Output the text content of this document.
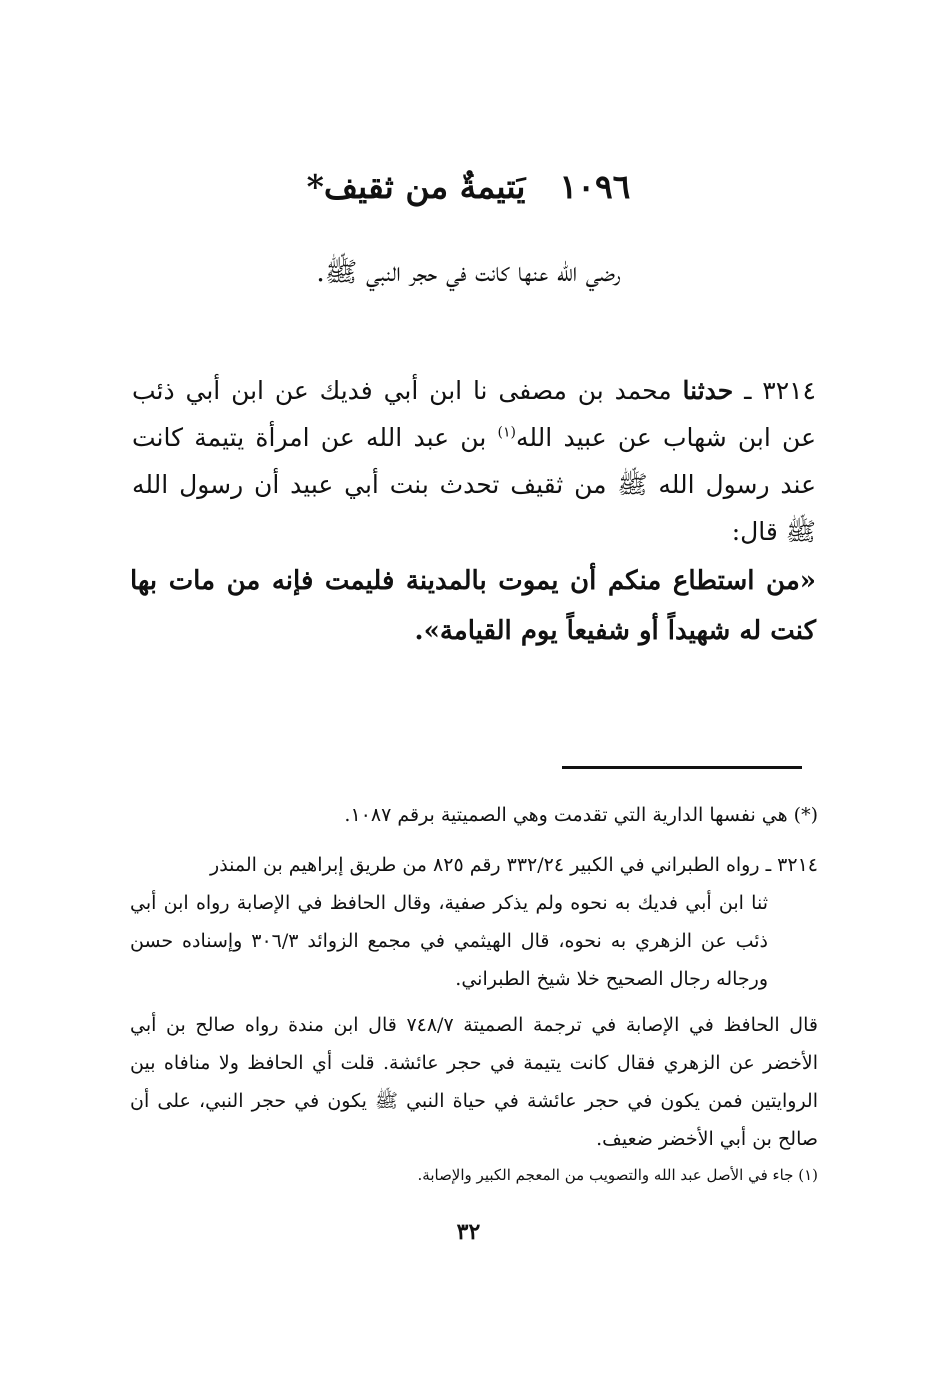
١٠٩٦يَتيمةٌ من ثقيف*
رضي الله عنها كانت في حجر النبي ﷺ.

٣٢١٤ ـ حدثنا محمد بن مصفى نا ابن أبي فديك عن ابن أبي ذئب عن ابن شهاب عن عبيد الله$^{(١)}$ بن عبد الله عن امرأة يتيمة كانت عند رسول الله ﷺ من ثقيف تحدث بنت أبي عبيد أن رسول الله ﷺ قال:

«من استطاع منكم أن يموت بالمدينة فليمت فإنه من مات بها كنت له شهيداً أو شفيعاً يوم القيامة».

(*) هي نفسها الدارية التي تقدمت وهي الصميتية برقم ١٠٨٧.

٣٢١٤ ـ رواه الطبراني في الكبير ٣٣٢/٢٤ رقم ٨٢٥ من طريق إبراهيم بن المنذر

ثنا ابن أبي فديك به نحوه ولم يذكر صفية، وقال الحافظ في الإصابة رواه ابن أبي ذئب عن الزهري به نحوه، قال الهيثمي في مجمع الزوائد ٣٠٦/٣ وإسناده حسن ورجاله رجال الصحيح خلا شيخ الطبراني.

قال الحافظ في الإصابة في ترجمة الصميتة ٧٤٨/٧ قال ابن مندة رواه صالح بن أبي الأخضر عن الزهري فقال كانت يتيمة في حجر عائشة. قلت أي الحافظ ولا منافاه بين الروايتين فمن يكون في حجر عائشة في حياة النبي ﷺ يكون في حجر النبي، على أن صالح بن أبي الأخضر ضعيف.

(١) جاء في الأصل عبد الله والتصويب من المعجم الكبير والإصابة.

٣٢
